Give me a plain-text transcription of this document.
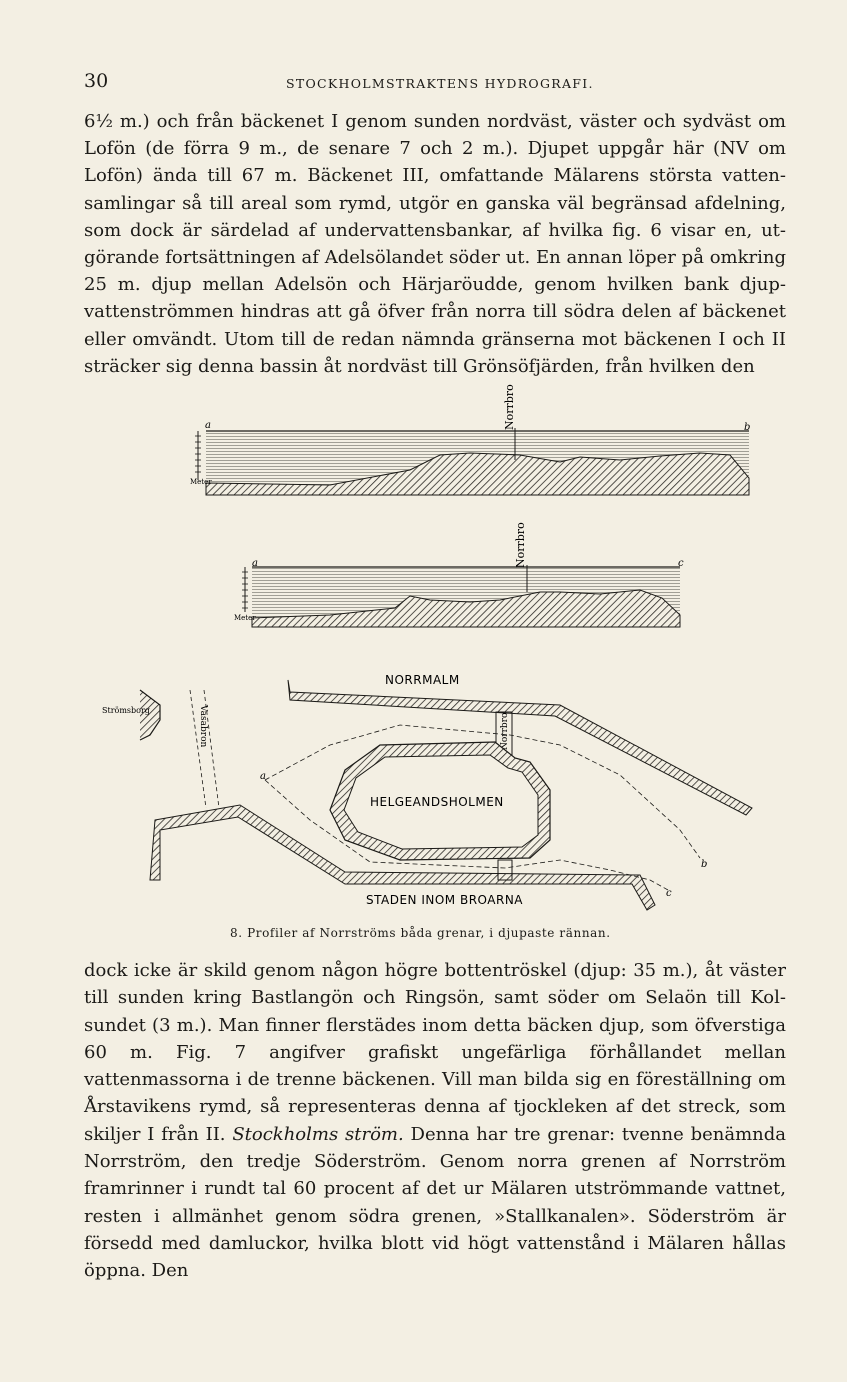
30	STOCKHOLMSTRAKTENS HYDROGRAFI.
6½ m.) och från bäckenet I genom sunden nordväst, väster och sydväst om Lofön (de förra 9 m., de senare 7 och 2 m.). Djupet uppgår här (NV om Lofön) ända till 67 m. Bäckenet III, omfattande Mälarens största vattensamlingar så till areal som rymd, utgör en ganska väl begränsad afdelning, som dock är särdelad af undervattensbankar, af hvilka fig. 6 visar en, utgörande fortsättningen af Adelsölandet söder ut. En annan löper på omkring 25 m. djup mellan Adelsön och Härjaröudde, genom hvilken bank djupvattenströmmen hindras att gå öfver från norra till södra delen af bäckenet eller omvändt. Utom till de redan nämnda gränserna mot bäckenen I och II sträcker sig denna bassin åt nordväst till Grönsöfjärden, från hvilken den
Meter
a	b
Norrbro
Meter
a	c
Norrbro
Strömsborg	Vasabron
NORRMALM
Norrbro
HELGEANDSHOLMEN
STADEN INOM BROARNA
a
b
c
8. Profiler af Norrströms båda grenar, i djupaste rännan.
dock icke är skild genom någon högre bottentröskel (djup: 35 m.), åt väster till sunden kring Bastlangön och Ringsön, samt söder om Selaön till Kolsundet (3 m.). Man finner flerstädes inom detta bäcken djup, som öfverstiga 60 m. Fig. 7 angifver grafiskt ungefärliga förhållandet mellan vattenmassorna i de trenne bäckenen. Vill man bilda sig en föreställning om Årstavikens rymd, så representeras denna af tjockleken af det streck, som skiljer I från II. Stockholms ström. Denna har tre grenar: tvenne benämnda Norrström, den tredje Söderström. Genom norra grenen af Norrström framrinner i rundt tal 60 procent af det ur Mälaren utströmmande vattnet, resten i allmänhet genom södra grenen, »Stallkanalen». Söderström är försedd med damluckor, hvilka blott vid högt vattenstånd i Mälaren hållas öppna. Den
